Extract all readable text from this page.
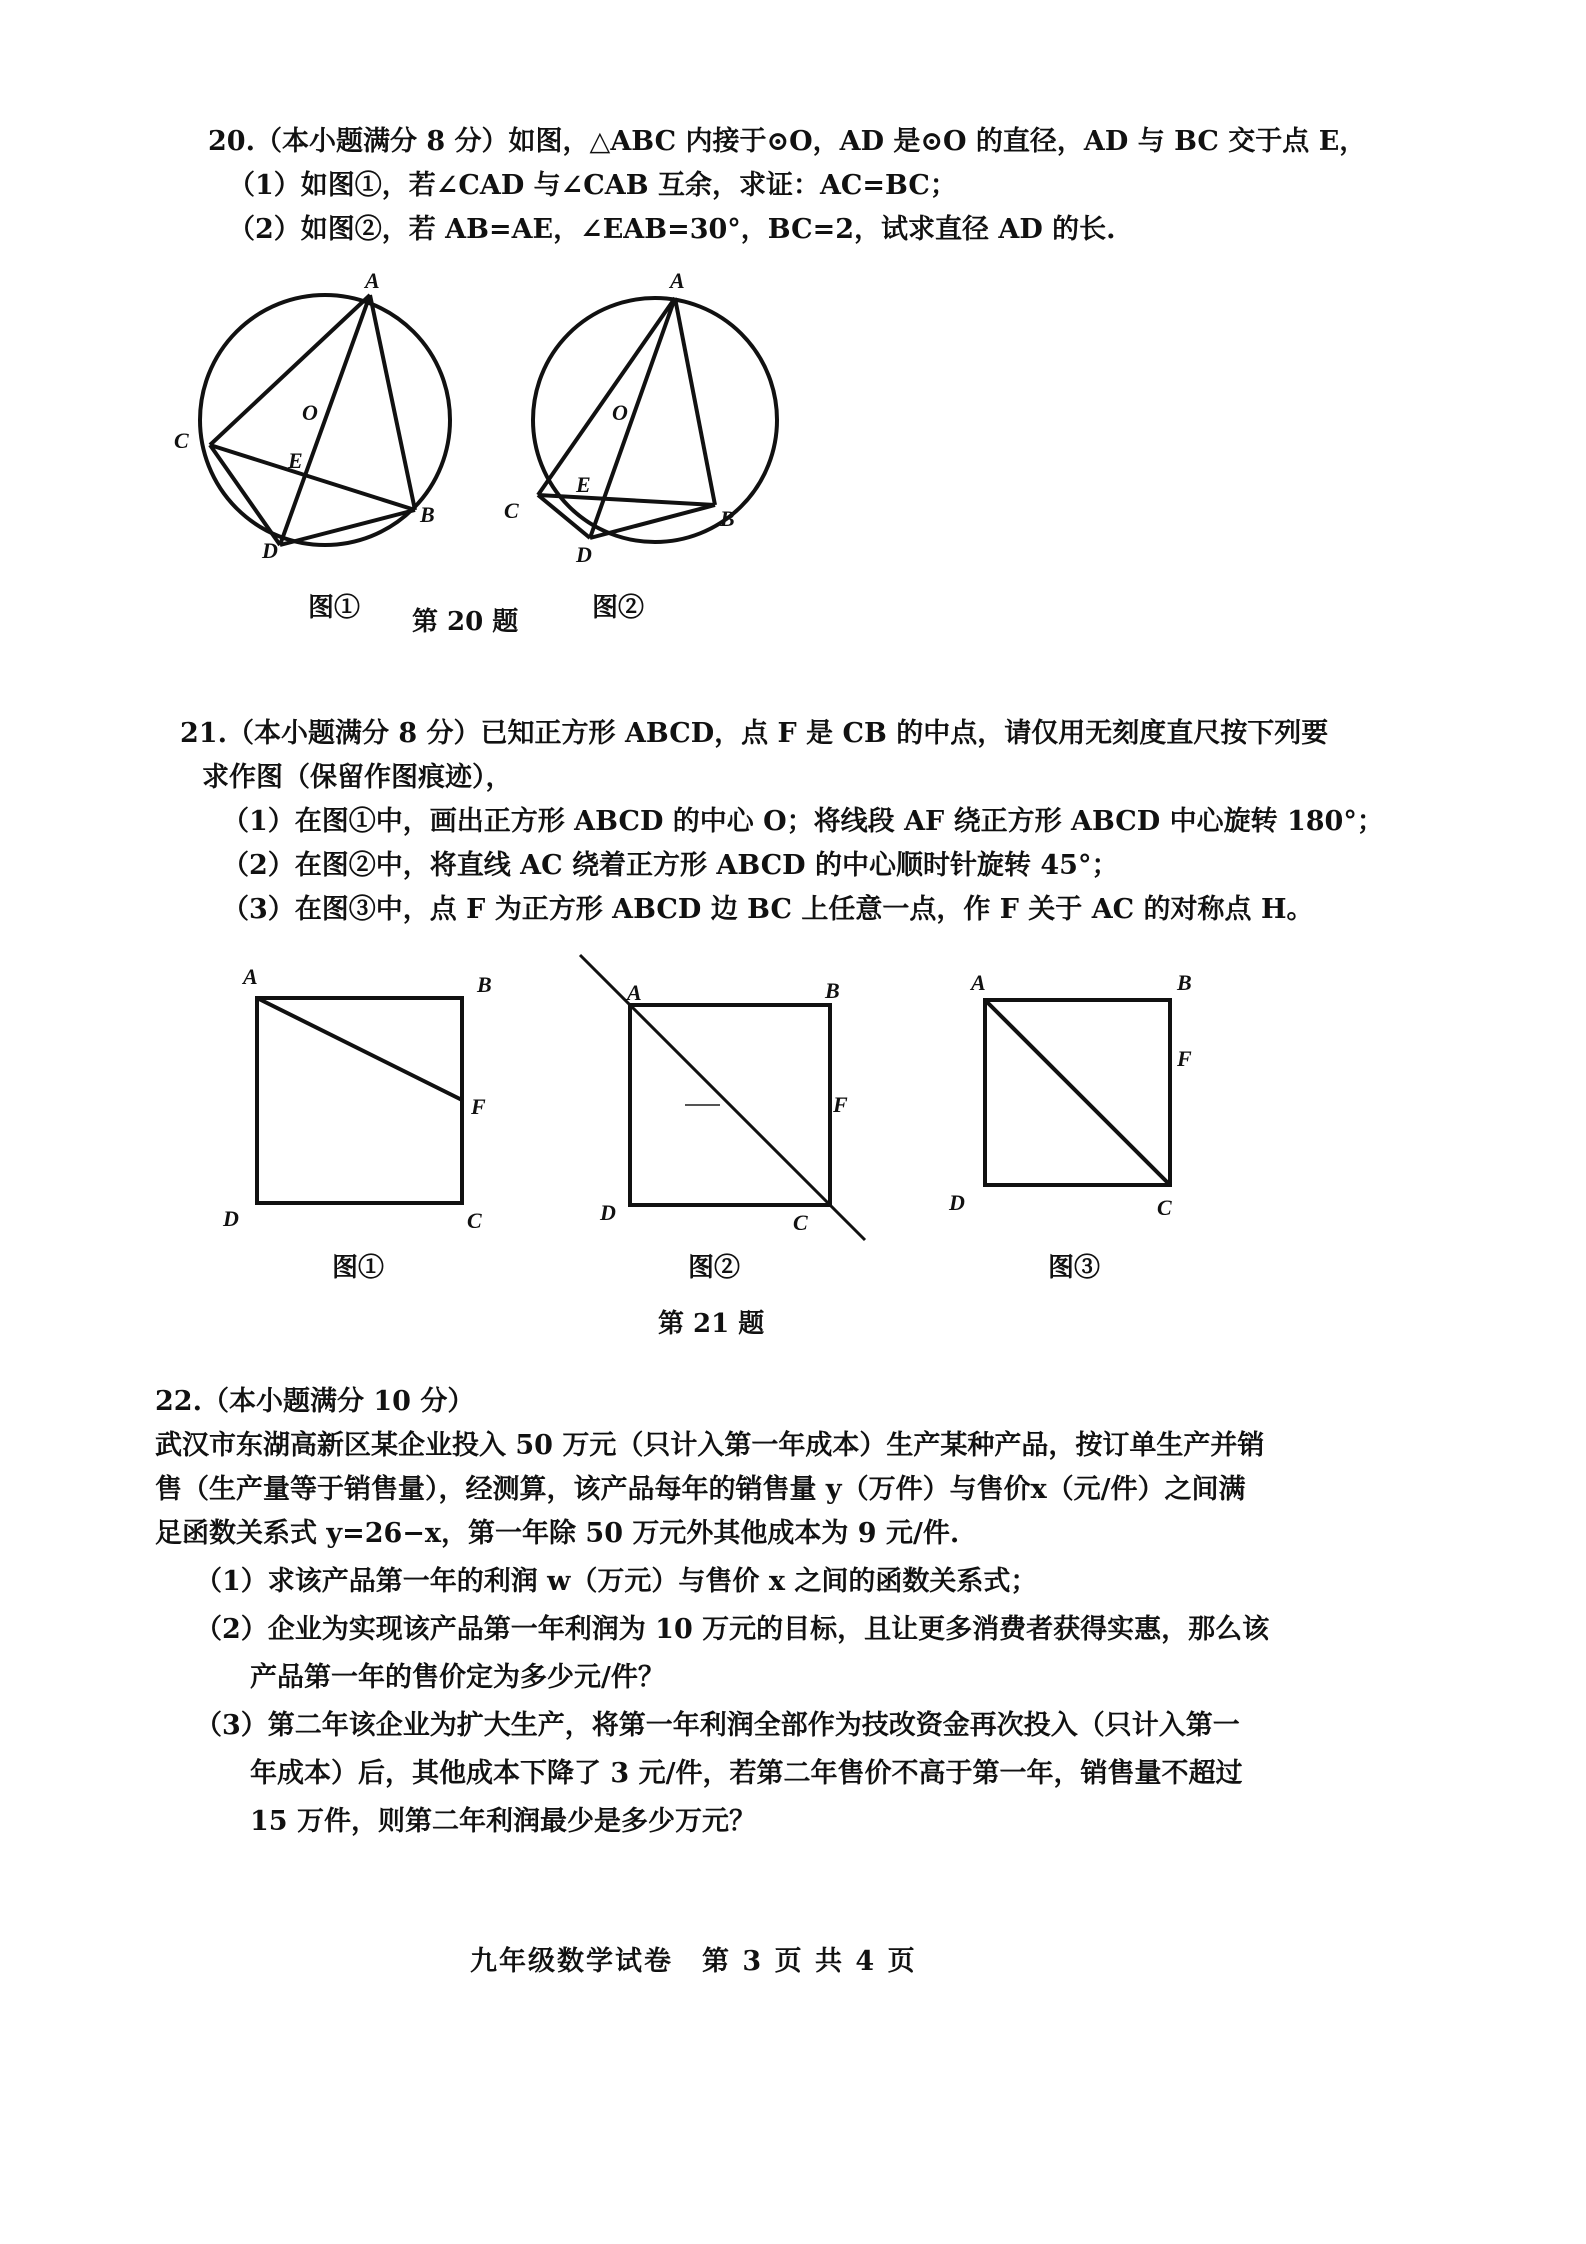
20.（本小题满分 8 分）如图，△ABC 内接于⊙O，AD 是⊙O 的直径，AD 与 BC 交于点 E，
（1）如图①，若∠CAD 与∠CAB 互余，求证：AC=BC；
（2）如图②，若 AB=AE，∠EAB=30°，BC=2，试求直径 AD 的长.
A
O
C
E
B
D
A
O
E
C	B
D
图① 第 20 题	图②
21.（本小题满分 8 分）已知正方形 ABCD，点 F 是 CB 的中点，请仅用无刻度直尺按下列要
求作图（保留作图痕迹），
（1）在图①中，画出正方形 ABCD 的中心 O；将线段 AF 绕正方形 ABCD 中心旋转 180°；
（2）在图②中，将直线 AC 绕着正方形 ABCD 的中心顺时针旋转 45°；
（3）在图③中，点 F 为正方形 ABCD 边 BC 上任意一点，作 F 关于 AC 的对称点 H。
A	B
F
D	C
A	B
F
D	C
A	B
F
D	C
图①	图②	图③
第 21 题
22.（本小题满分 10 分）
武汉市东湖高新区某企业投入 50 万元（只计入第一年成本）生产某种产品，按订单生产并销
售（生产量等于销售量），经测算，该产品每年的销售量 y（万件）与售价x（元/件）之间满
足函数关系式 y=26−x，第一年除 50 万元外其他成本为 9 元/件.
（1）求该产品第一年的利润 w（万元）与售价 x 之间的函数关系式；
（2）企业为实现该产品第一年利润为 10 万元的目标，且让更多消费者获得实惠，那么该
产品第一年的售价定为多少元/件？
（3）第二年该企业为扩大生产，将第一年利润全部作为技改资金再次投入（只计入第一
年成本）后，其他成本下降了 3 元/件，若第二年售价不高于第一年，销售量不超过
15 万件，则第二年利润最少是多少万元？
九年级数学试卷　第 3 页 共 4 页
